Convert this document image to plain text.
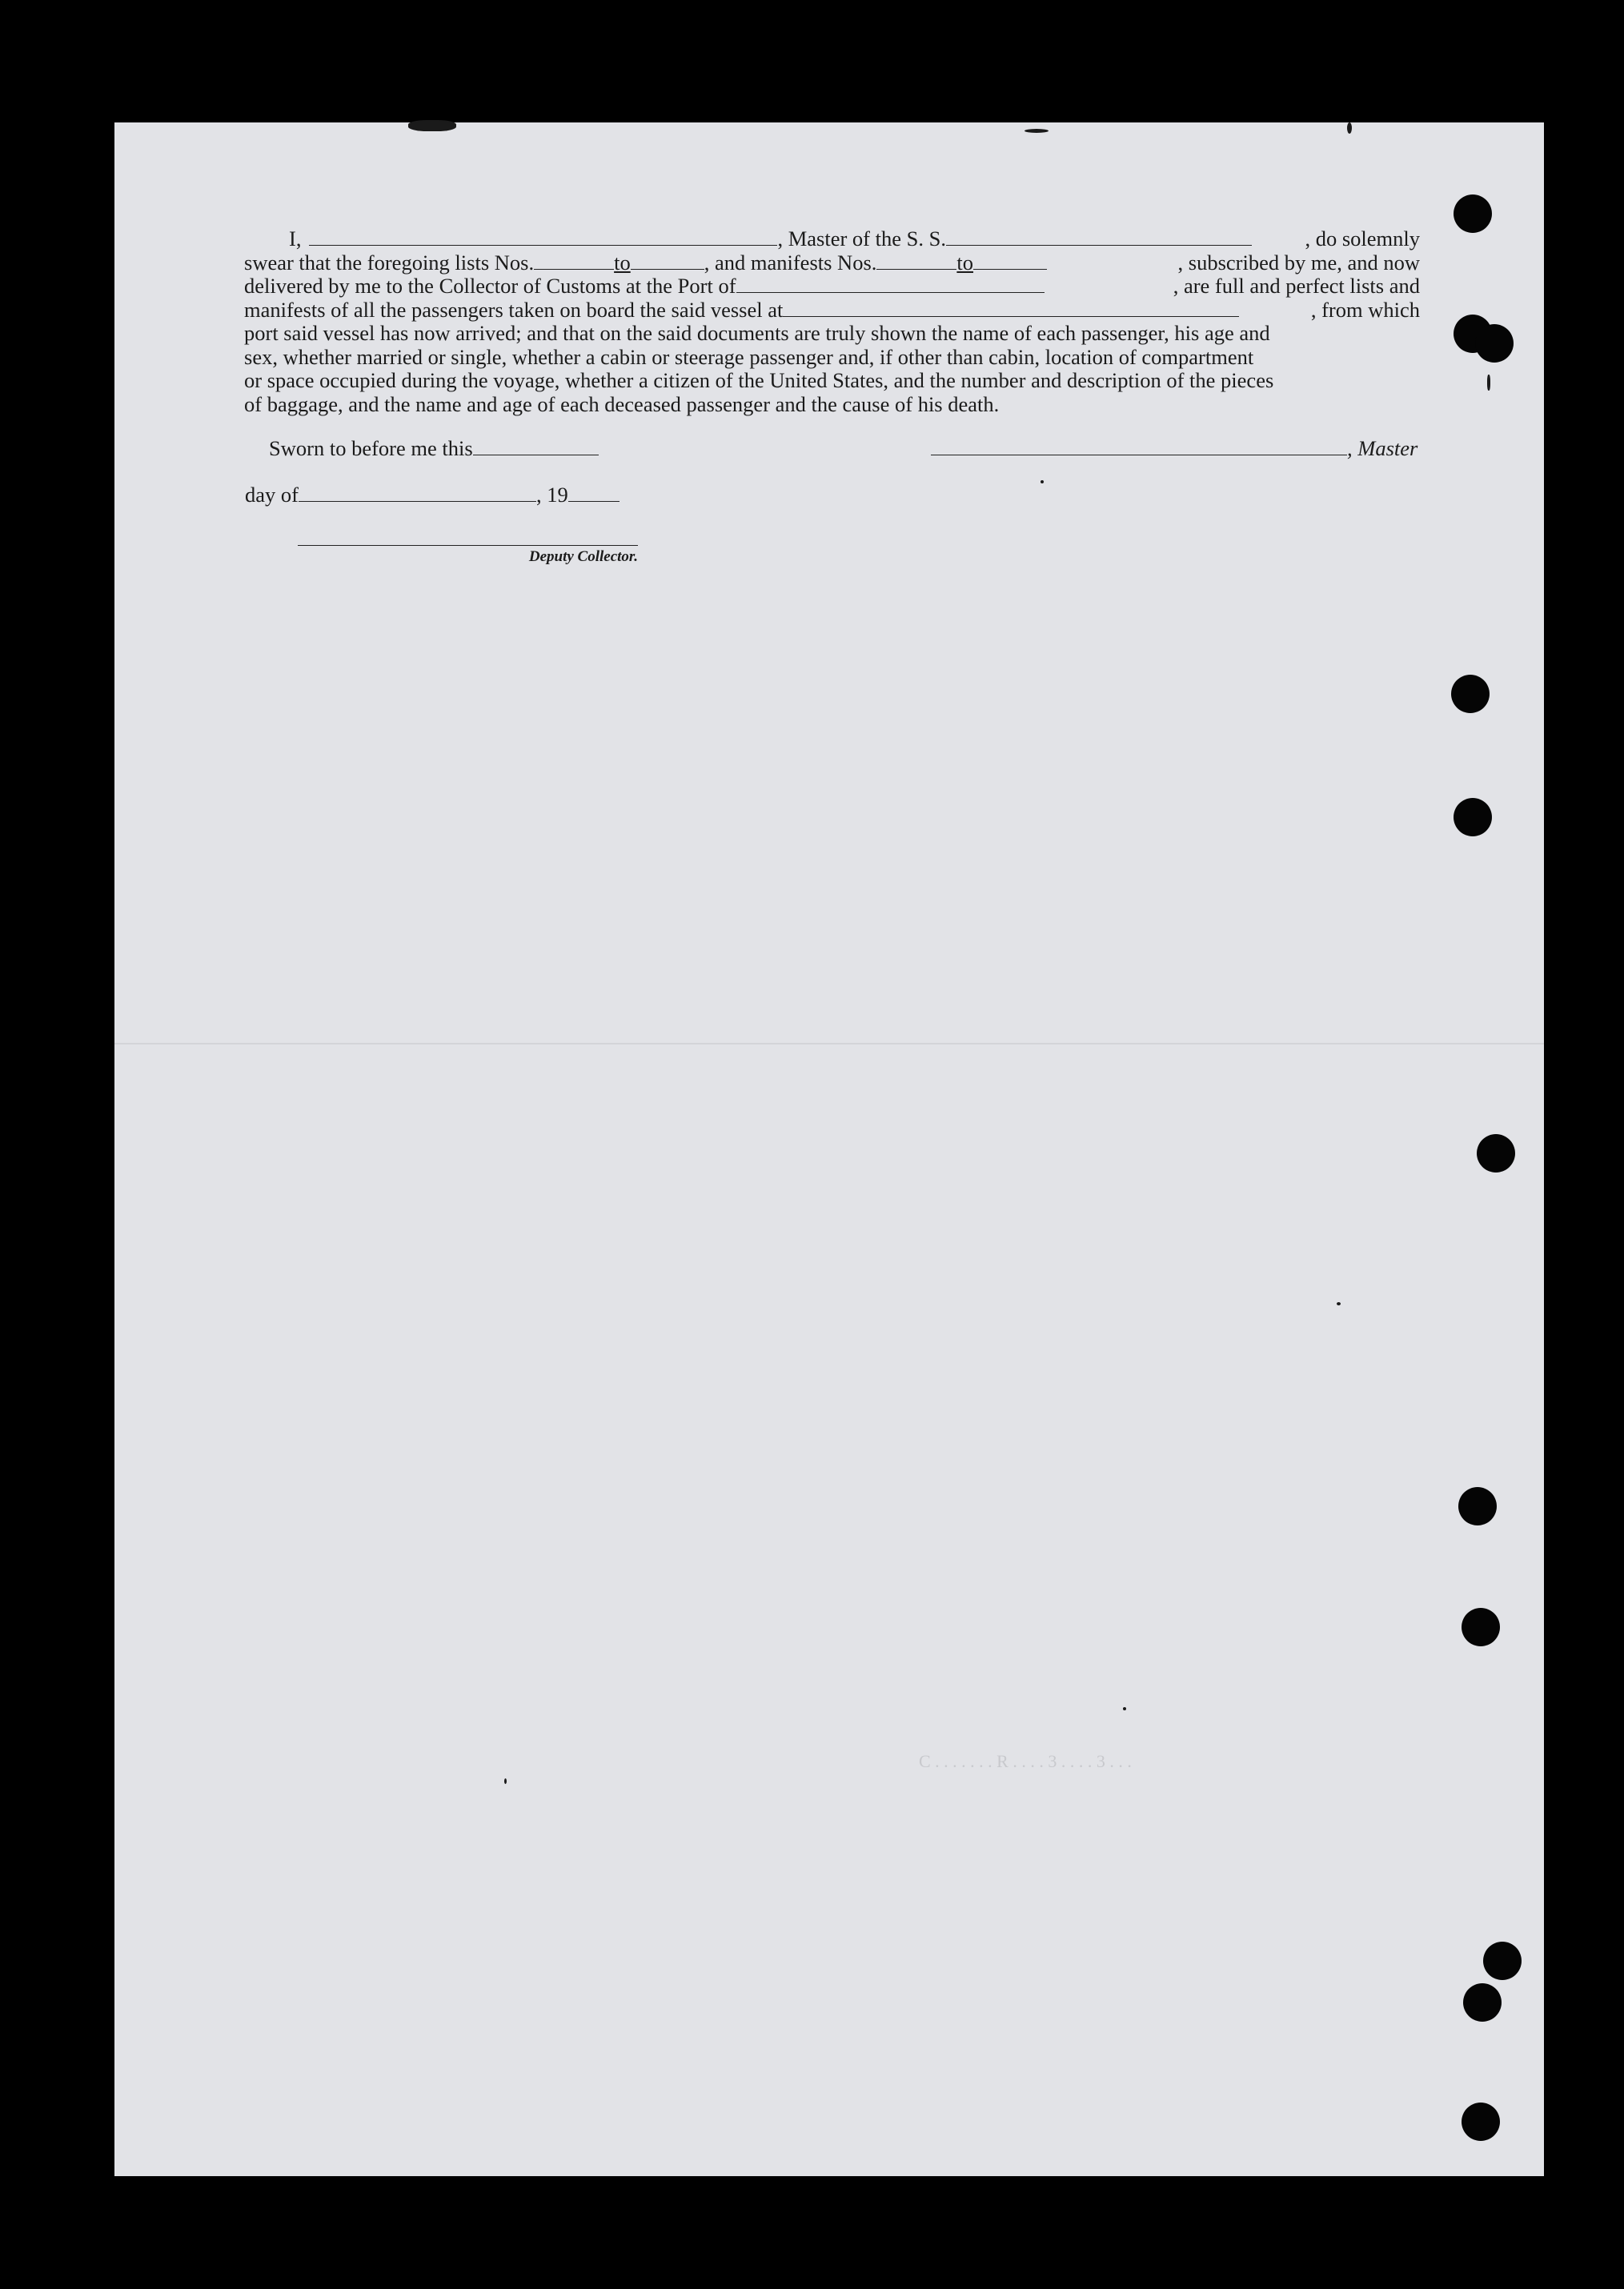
I,	, Master of the S. S.	, do solemnly
swear that the foregoing lists Nos.	to	, and manifests Nos.	to	, subscribed by me, and now
delivered by me to the Collector of Customs at the Port of	, are full and perfect lists and
manifests of all the passengers taken on board the said vessel at	, from which
port said vessel has now arrived; and that on the said documents are truly shown the name of each passenger, his age and
sex, whether married or single, whether a cabin or steerage passenger and, if other than cabin, location of compartment
or space occupied during the voyage, whether a citizen of the United States, and the number and description of the pieces
of baggage, and the name and age of each deceased passenger and the cause of his death.
Sworn to before me this	, Master
day of	, 19
Deputy Collector.
C . . . . . . . R . . . . 3 . . . . 3 . . .
